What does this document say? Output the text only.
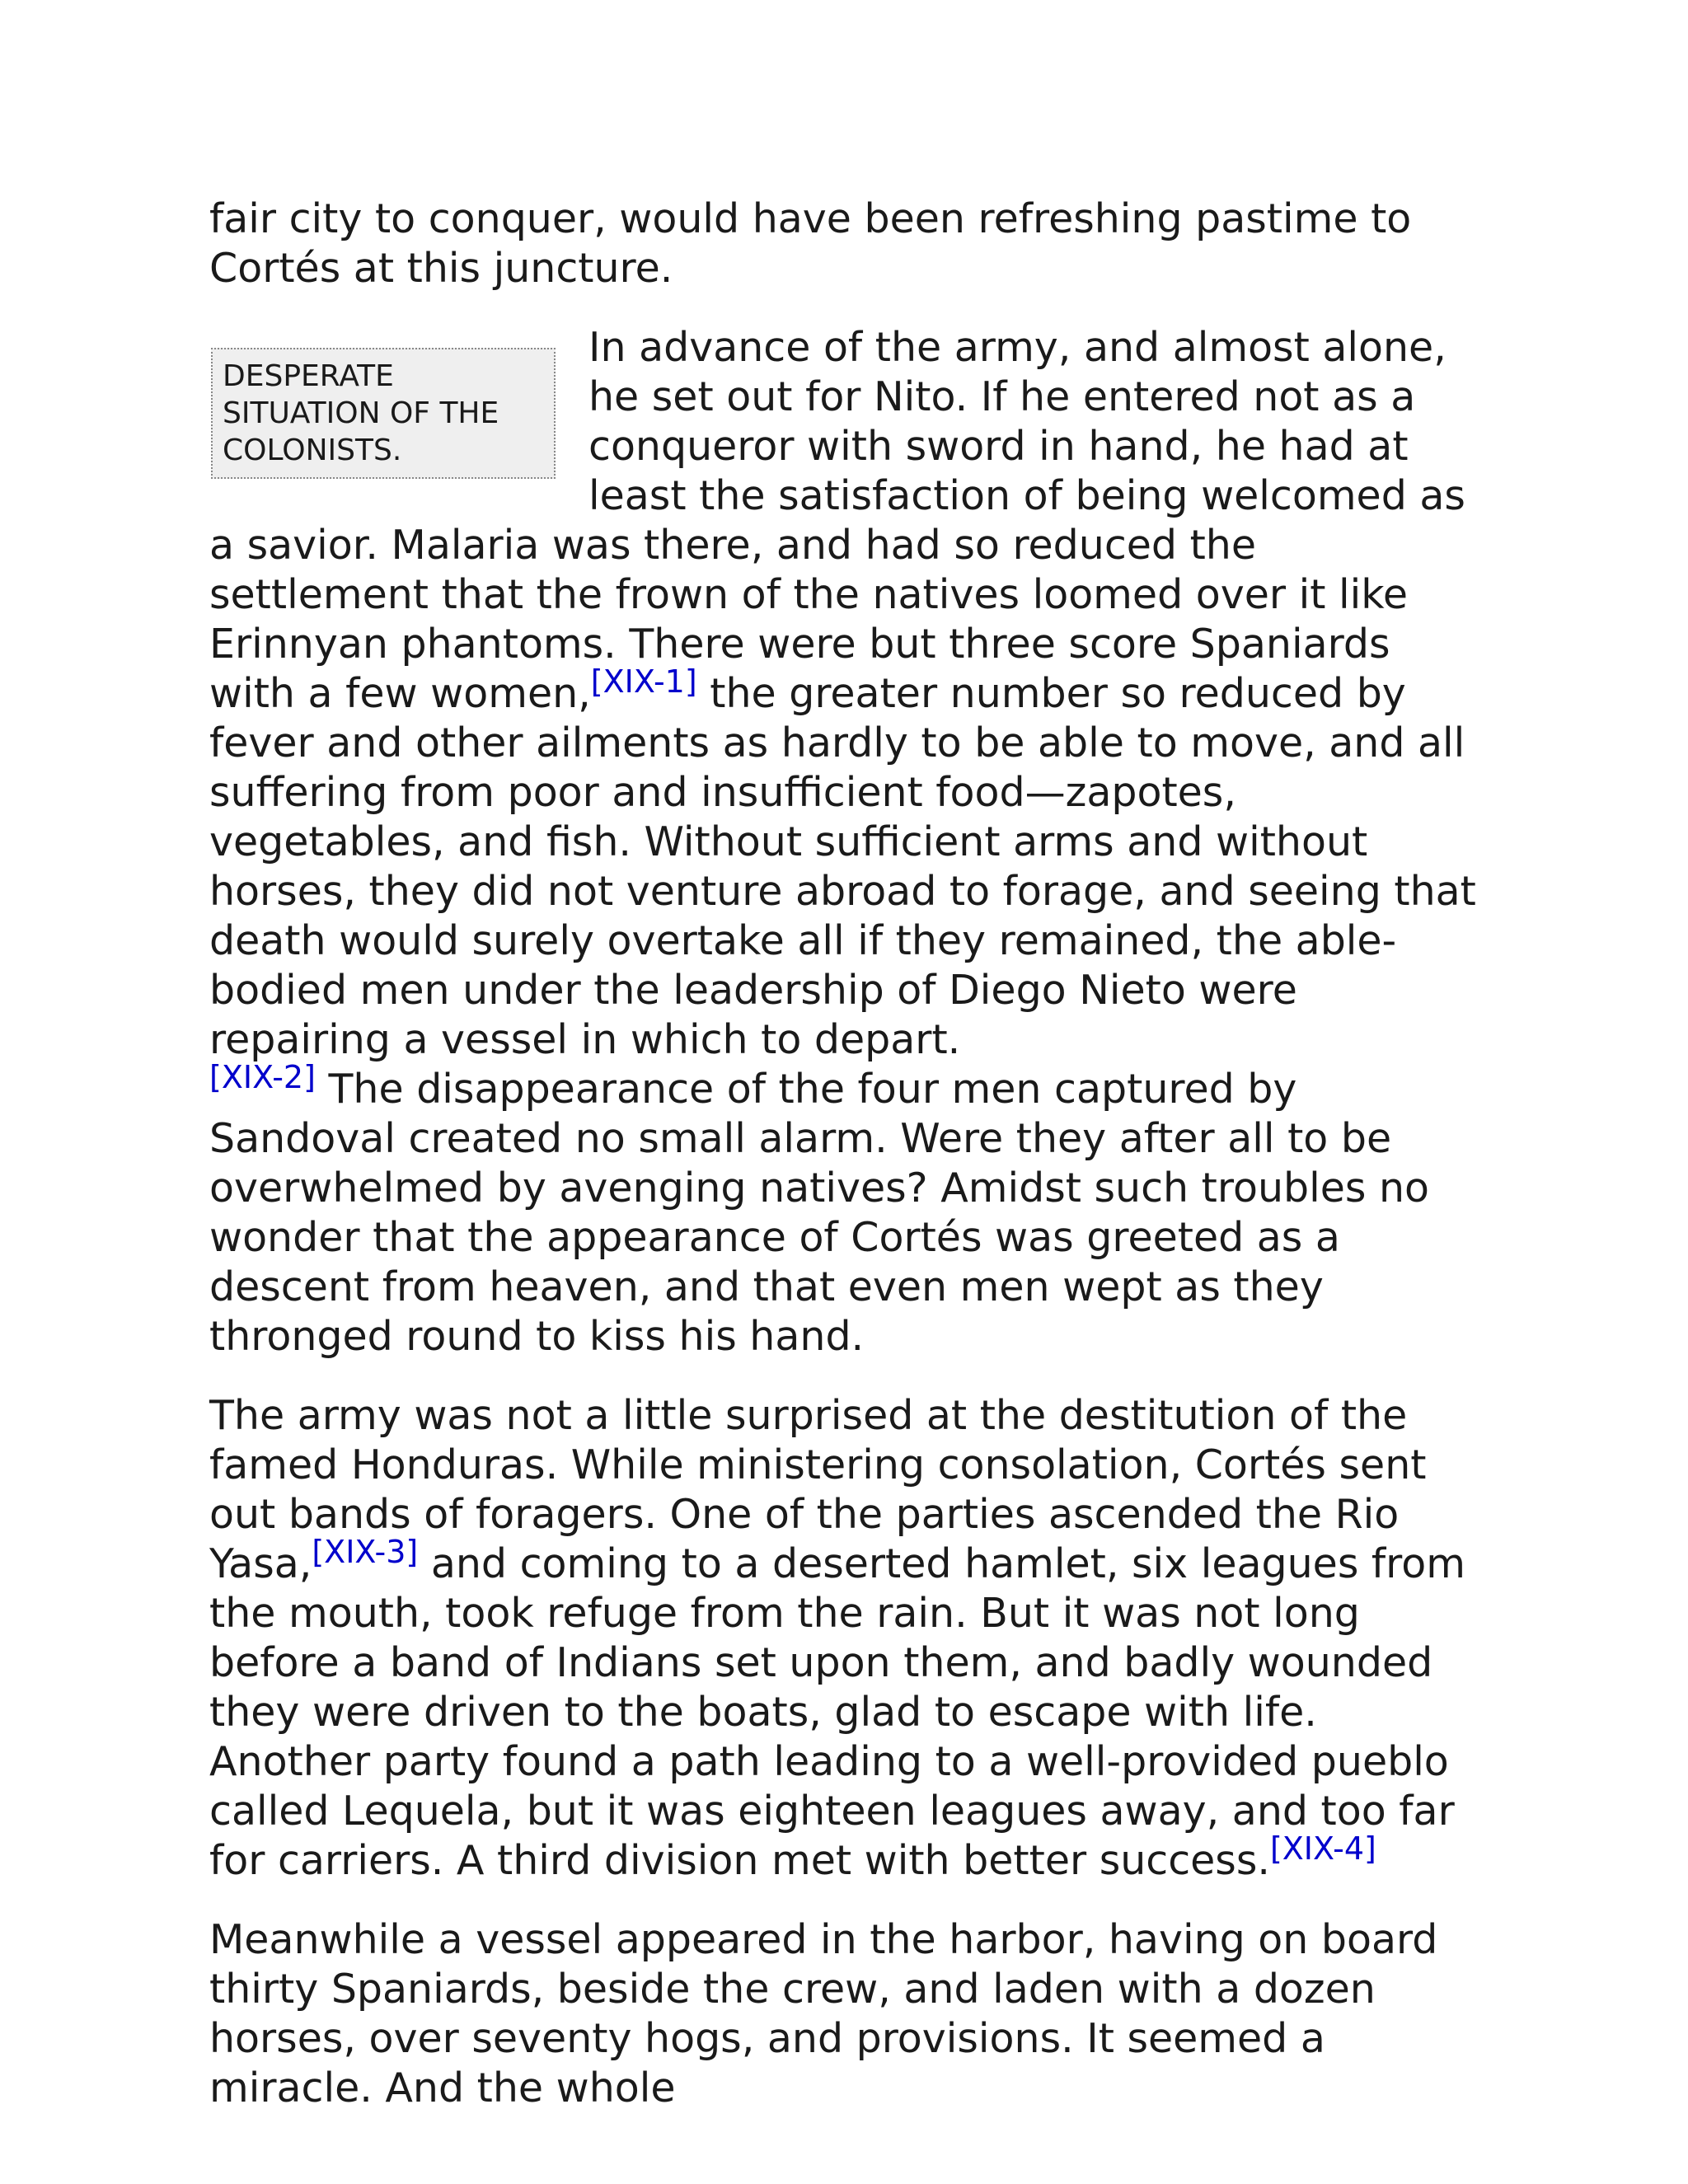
fair city to conquer, would have been refreshing pastime to Cortés at this juncture.

DESPERATE SITUATION OF THE COLONISTS.

In advance of the army, and almost alone, he set out for Nito. If he entered not as a conqueror with sword in hand, he had at least the satisfaction of being welcomed as a savior. Malaria was there, and had so reduced the settlement that the frown of the natives loomed over it like Erinnyan phantoms. There were but three score Spaniards with a few women,[XIX-1] the greater number so reduced by fever and other ailments as hardly to be able to move, and all suffering from poor and insufficient food—zapotes, vegetables, and fish. Without sufficient arms and without horses, they did not venture abroad to forage, and seeing that death would surely overtake all if they remained, the able-bodied men under the leadership of Diego Nieto were repairing a vessel in which to depart.
[XIX-2] The disappearance of the four men captured by Sandoval created no small alarm. Were they after all to be overwhelmed by avenging natives? Amidst such troubles no wonder that the appearance of Cortés was greeted as a descent from heaven, and that even men wept as they thronged round to kiss his hand.

The army was not a little surprised at the destitution of the famed Honduras. While ministering consolation, Cortés sent out bands of foragers. One of the parties ascended the Rio Yasa,[XIX-3] and coming to a deserted hamlet, six leagues from the mouth, took refuge from the rain. But it was not long before a band of Indians set upon them, and badly wounded they were driven to the boats, glad to escape with life. Another party found a path leading to a well-provided pueblo called Lequela, but it was eighteen leagues away, and too far for carriers. A third division met with better success.[XIX-4]

Meanwhile a vessel appeared in the harbor, having on board thirty Spaniards, beside the crew, and laden with a dozen horses, over seventy hogs, and provisions. It seemed a miracle. And the whole
